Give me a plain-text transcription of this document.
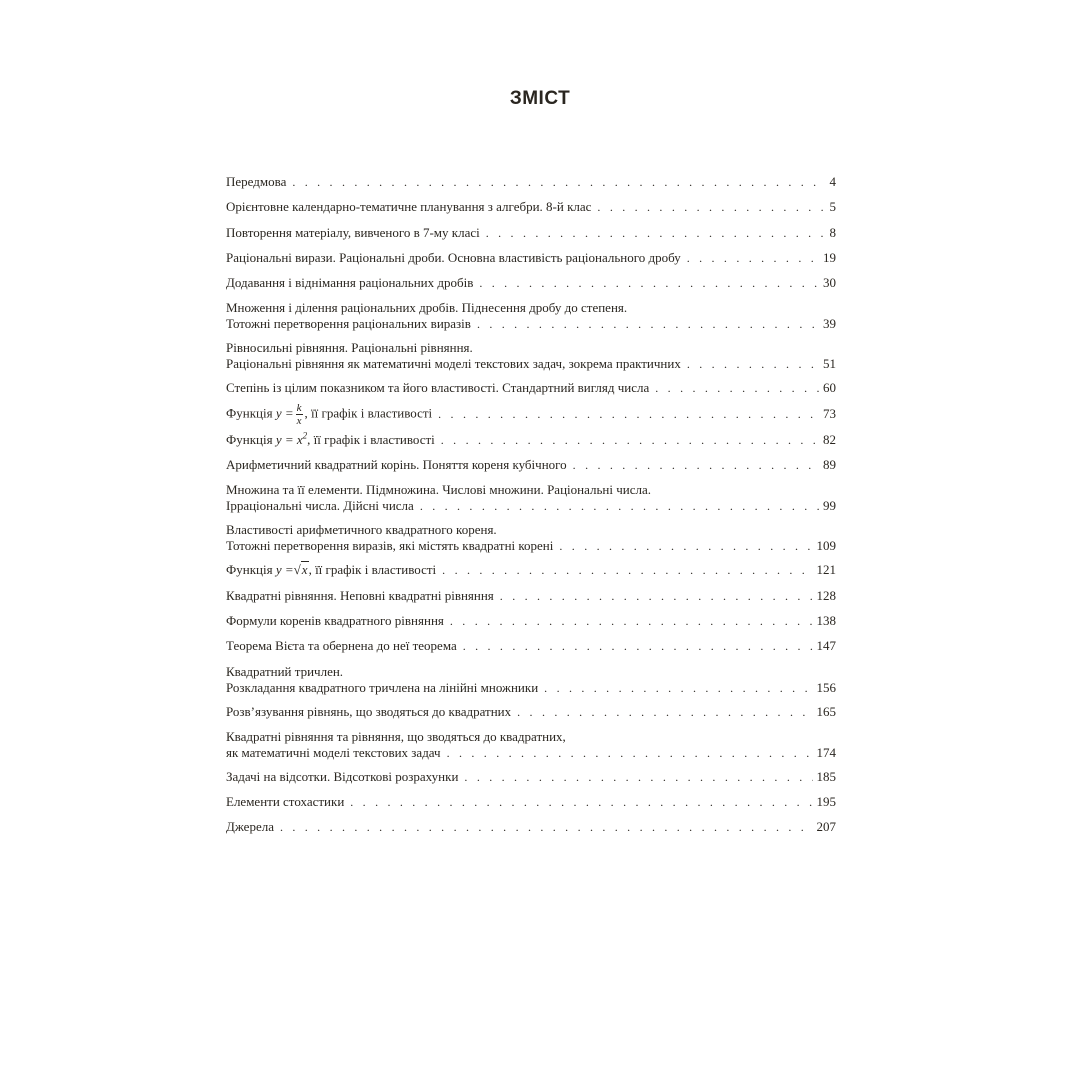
ЗМІСТ
Передмова . . .	4
Орієнтовне календарно-тематичне планування з алгебри. 8-й клас . . .	5
Повторення матеріалу, вивченого в 7-му класі . . .	8
Раціональні вирази. Раціональні дроби. Основна властивість раціонального дробу . . .	19
Додавання і віднімання раціональних дробів . . .	30
Множення і ділення раціональних дробів. Піднесення дробу до степеня.
Тотожні перетворення раціональних виразів . . .	39
Рівносильні рівняння. Раціональні рівняння.
Раціональні рівняння як математичні моделі текстових задач, зокрема практичних . . .	51
Степінь із цілим показником та його властивості. Стандартний вигляд числа . . .	60
Функція $y = \frac{k}{x}$ , її графік і властивості . . .	73
Функція $y = x^2$, її графік і властивості . . .	82
Арифметичний квадратний корінь. Поняття кореня кубічного . . .	89
Множина та її елементи. Підмножина. Числові множини. Раціональні числа.
Ірраціональні числа. Дійсні числа . . .	99
Властивості арифметичного квадратного кореня.
Тотожні перетворення виразів, які містять квадратні корені . . .	109
Функція y =√x, її графік і властивості . . .	121
Квадратні рівняння. Неповні квадратні рівняння . . .	128
Формули коренів квадратного рівняння . . .	138
Теорема Вієта та обернена до неї теорема . . .	147
Квадратний тричлен.
Розкладання квадратного тричлена на лінійні множники . . .	156
Розв’язування рівнянь, що зводяться до квадратних . . .	165
Квадратні рівняння та рівняння, що зводяться до квадратних,
як математичні моделі текстових задач . . .	174
Задачі на відсотки. Відсоткові розрахунки . . .	185
Елементи стохастики . . .	195
Джерела . . .	207
